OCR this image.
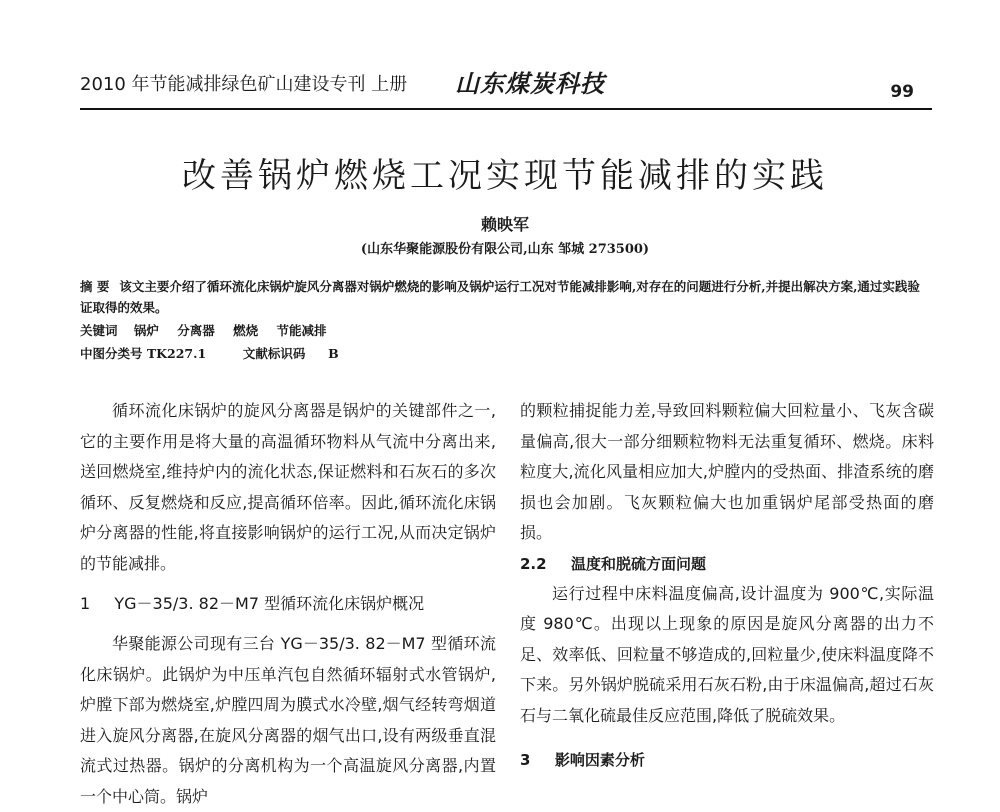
2010 年节能减排绿色矿山建设专刊 上册 山东煤炭科技	99
改善锅炉燃烧工况实现节能减排的实践
赖映军
(山东华聚能源股份有限公司,山东 邹城 273500)
摘 要 该文主要介绍了循环流化床锅炉旋风分离器对锅炉燃烧的影响及锅炉运行工况对节能减排影响,对存在的问题进行分析,并提出解决方案,通过实践验证取得的效果。
关键词 锅炉 分离器 燃烧 节能减排
中图分类号 TK227.1	文献标识码 B

循环流化床锅炉的旋风分离器是锅炉的关键部件之一,它的主要作用是将大量的高温循环物料从气流中分离出来,送回燃烧室,维持炉内的流化状态,保证燃料和石灰石的多次循环、反复燃烧和反应,提高循环倍率。因此,循环流化床锅炉分离器的性能,将直接影响锅炉的运行工况,从而决定锅炉的节能减排。

1 YG－35/3. 82－M7 型循环流化床锅炉概况

华聚能源公司现有三台 YG－35/3. 82－M7 型循环流化床锅炉。此锅炉为中压单汽包自然循环辐射式水管锅炉,炉膛下部为燃烧室,炉膛四周为膜式水冷壁,烟气经转弯烟道进入旋风分离器,在旋风分离器的烟气出口,设有两级垂直混流式过热器。锅炉的分离机构为一个高温旋风分离器,内置一个中心筒。锅炉

的颗粒捕捉能力差,导致回料颗粒偏大回粒量小、飞灰含碳量偏高,很大一部分细颗粒物料无法重复循环、燃烧。床料粒度大,流化风量相应加大,炉膛内的受热面、排渣系统的磨损也会加剧。飞灰颗粒偏大也加重锅炉尾部受热面的磨损。

2.2 温度和脱硫方面问题

运行过程中床料温度偏高,设计温度为 900℃,实际温度 980℃。出现以上现象的原因是旋风分离器的出力不足、效率低、回粒量不够造成的,回粒量少,使床料温度降不下来。另外锅炉脱硫采用石灰石粉,由于床温偏高,超过石灰石与二氧化硫最佳反应范围,降低了脱硫效果。

3 影响因素分析
